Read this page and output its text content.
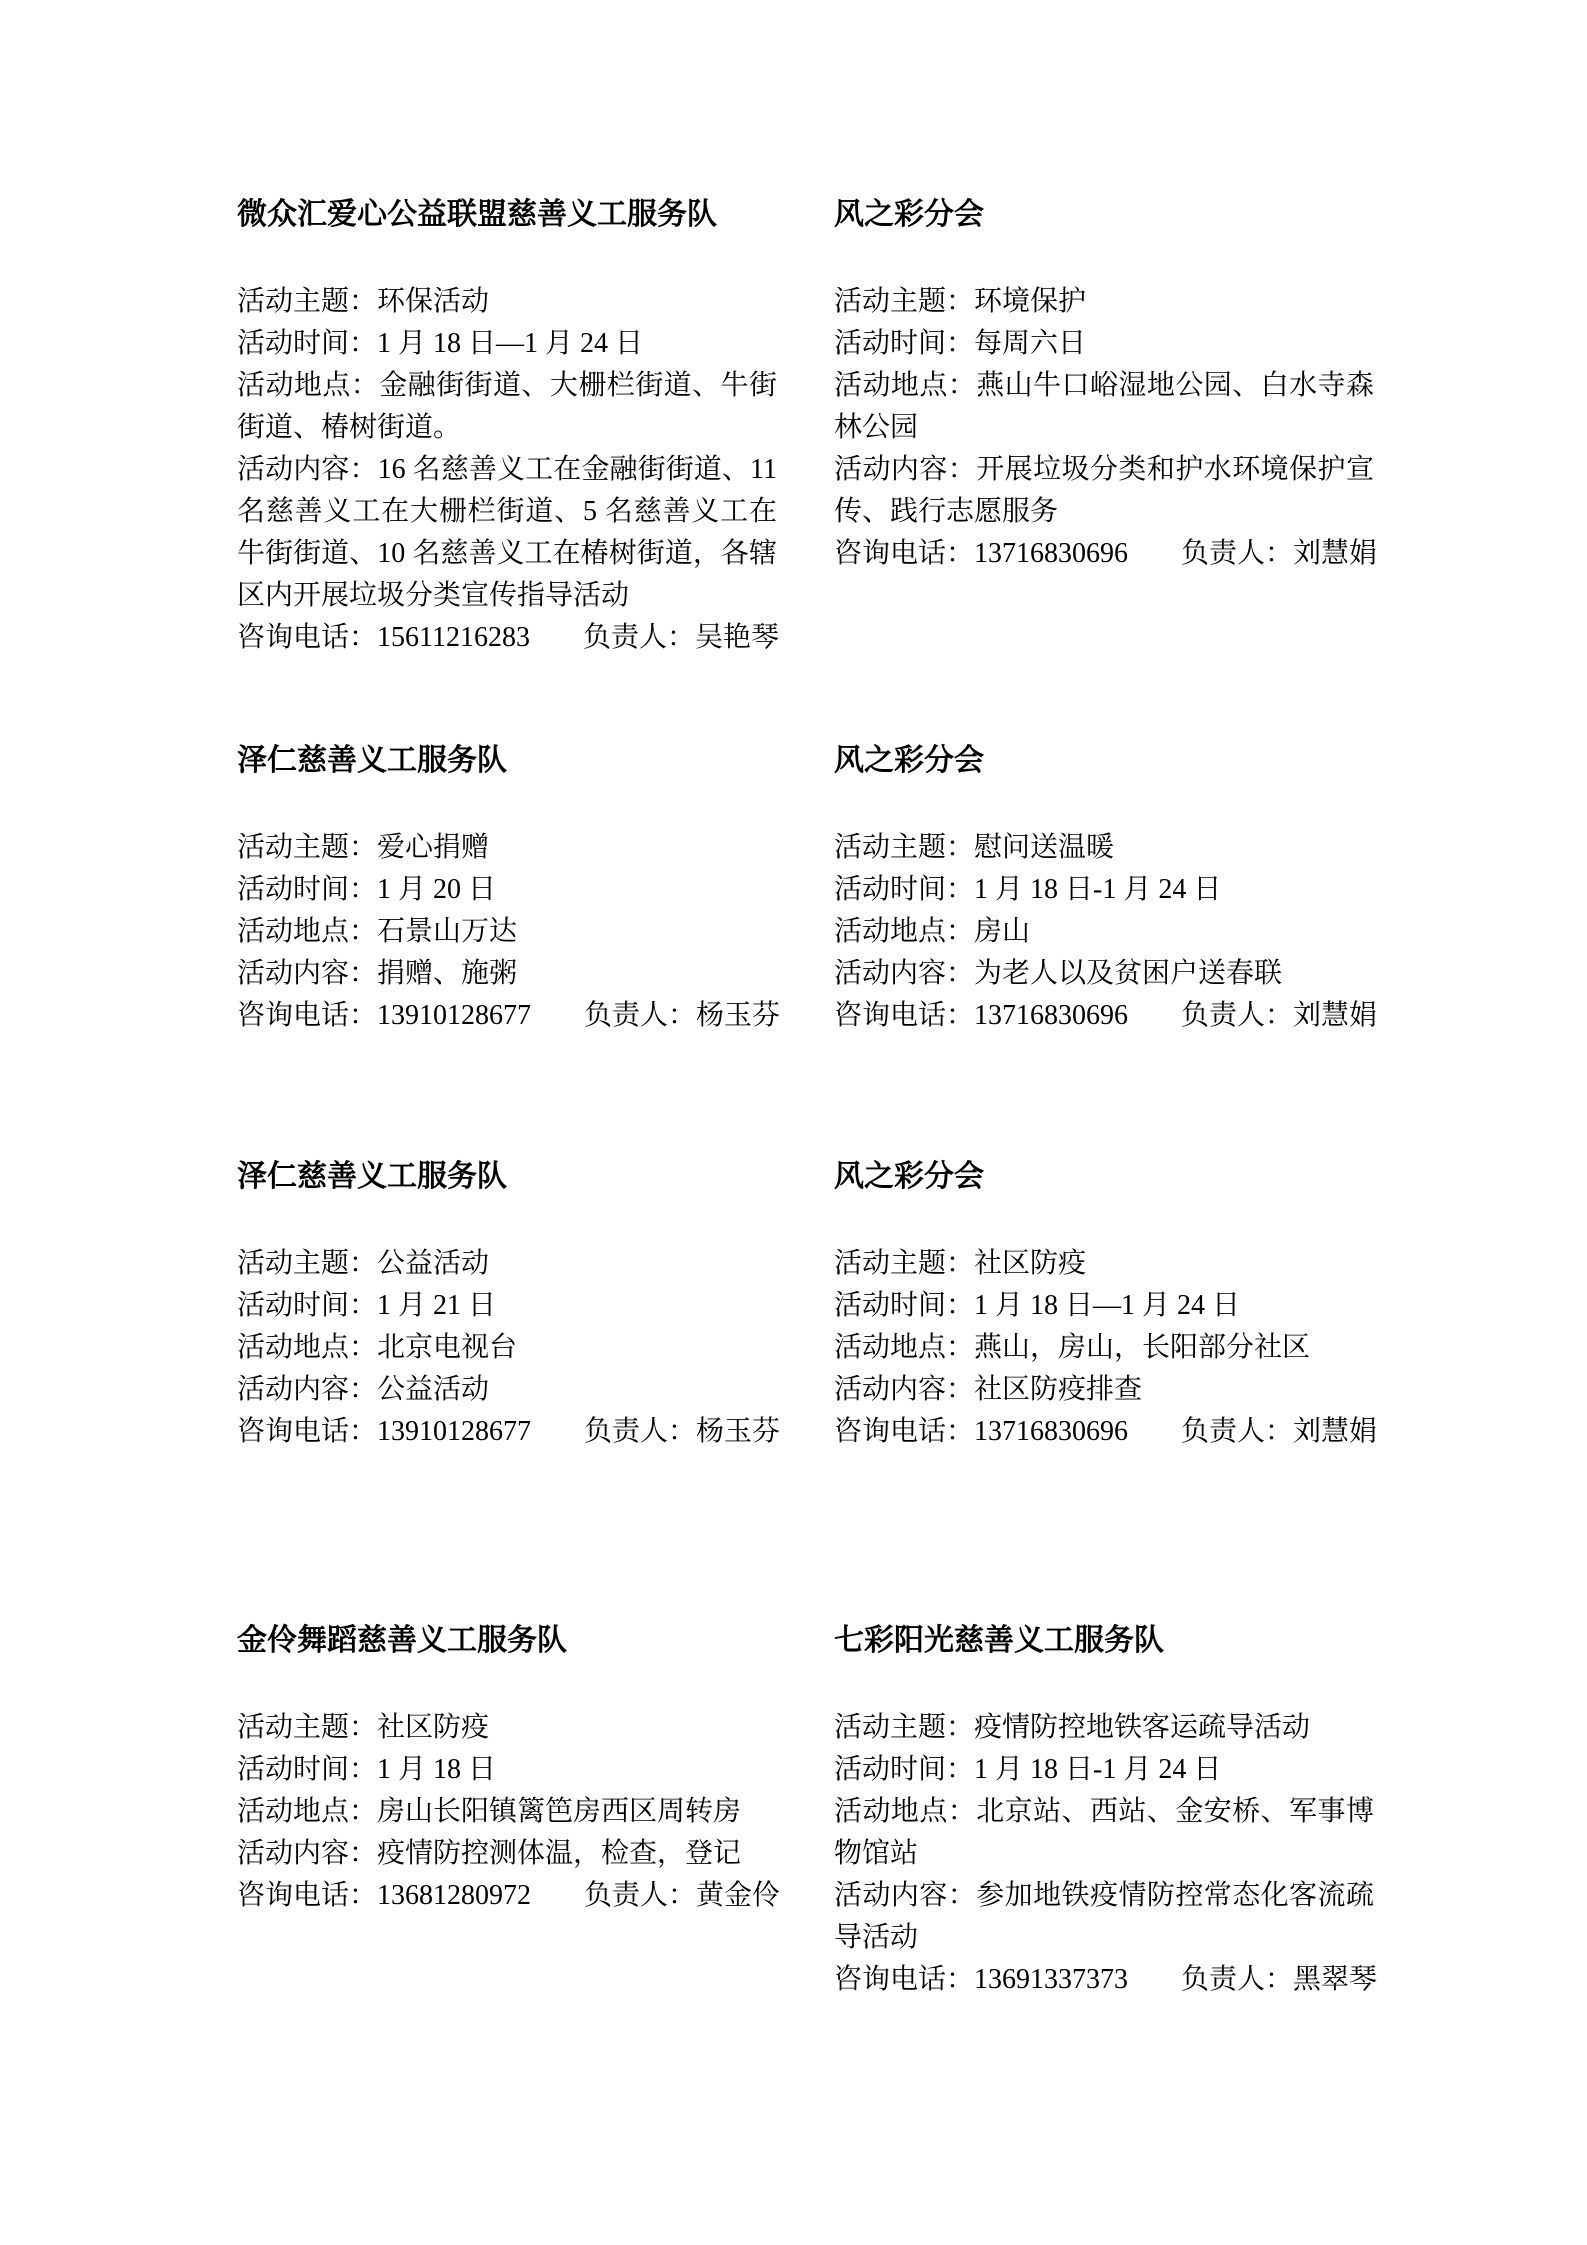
微众汇爱心公益联盟慈善义工服务队

活动主题：环保活动

活动时间：1 月 18 日—1 月 24 日

活动地点：金融街街道、大栅栏街道、牛街街道、椿树街道。

活动内容：16 名慈善义工在金融街街道、11 名慈善义工在大栅栏街道、5 名慈善义工在牛街街道、10 名慈善义工在椿树街道，各辖区内开展垃圾分类宣传指导活动

咨询电话：15611216283 负责人：吴艳琴

风之彩分会

活动主题：环境保护

活动时间：每周六日

活动地点：燕山牛口峪湿地公园、白水寺森林公园

活动内容：开展垃圾分类和护水环境保护宣传、践行志愿服务

咨询电话：13716830696 负责人：刘慧娟

泽仁慈善义工服务队

活动主题：爱心捐赠

活动时间：1 月 20 日

活动地点：石景山万达

活动内容：捐赠、施粥

咨询电话：13910128677 负责人：杨玉芬

风之彩分会

活动主题：慰问送温暖

活动时间：1 月 18 日-1 月 24 日

活动地点：房山

活动内容：为老人以及贫困户送春联

咨询电话：13716830696 负责人：刘慧娟

泽仁慈善义工服务队

活动主题：公益活动

活动时间：1 月 21 日

活动地点：北京电视台

活动内容：公益活动

咨询电话：13910128677 负责人：杨玉芬

风之彩分会

活动主题：社区防疫

活动时间：1 月 18 日—1 月 24 日

活动地点：燕山，房山，长阳部分社区

活动内容：社区防疫排查

咨询电话：13716830696 负责人：刘慧娟

金伶舞蹈慈善义工服务队

活动主题：社区防疫

活动时间：1 月 18 日

活动地点：房山长阳镇篱笆房西区周转房

活动内容：疫情防控测体温，检查，登记

咨询电话：13681280972 负责人：黄金伶

七彩阳光慈善义工服务队

活动主题：疫情防控地铁客运疏导活动

活动时间：1 月 18 日-1 月 24 日

活动地点：北京站、西站、金安桥、军事博物馆站

活动内容：参加地铁疫情防控常态化客流疏导活动

咨询电话：13691337373 负责人：黑翠琴
